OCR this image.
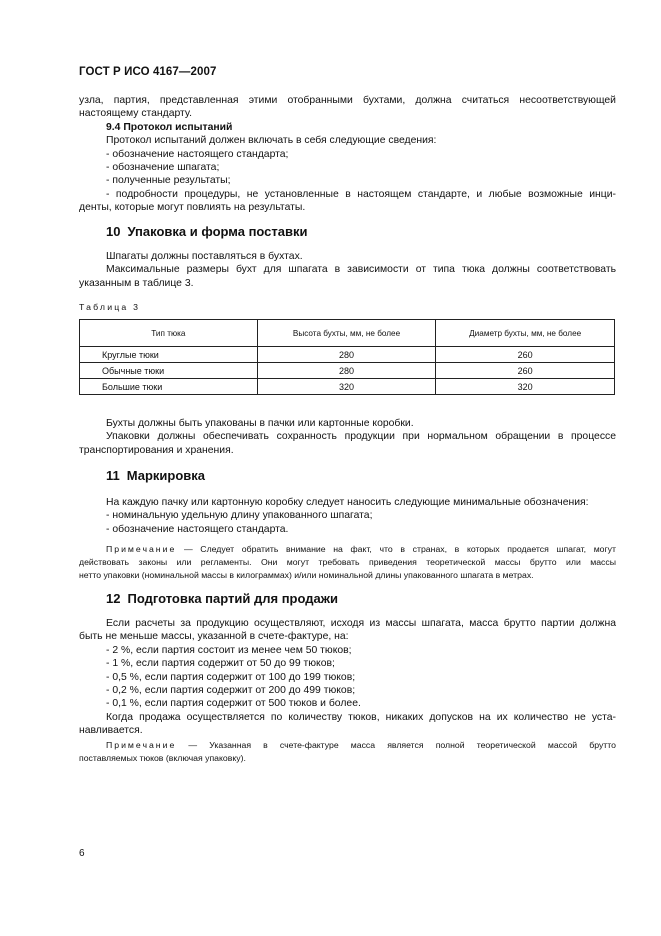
ГОСТ Р ИСО 4167—2007
узла, партия, представленная этими отобранными бухтами, должна считаться несоответствующей
настоящему стандарту.
9.4 Протокол испытаний
Протокол испытаний должен включать в себя следующие сведения:
- обозначение настоящего стандарта;
- обозначение шпагата;
- полученные результаты;
- подробности процедуры, не установленные в настоящем стандарте, и любые возможные инци-
денты, которые могут повлиять на результаты.
10 Упаковка и форма поставки
Шпагаты должны поставляться в бухтах.
Максимальные размеры бухт для шпагата в зависимости от типа тюка должны соответствовать
указанным в таблице 3.
Таблица 3
Тип тюка	Высота бухты, мм, не более	Диаметр бухты, мм, не более
Круглые тюки	280	260
Обычные тюки	280	260
Большие тюки	320	320
Бухты должны быть упакованы в пачки или картонные коробки.
Упаковки должны обеспечивать сохранность продукции при нормальном обращении в процессе
транспортирования и хранения.
11 Маркировка
На каждую пачку или картонную коробку следует наносить следующие минимальные обозначения:
- номинальную удельную длину упакованного шпагата;
- обозначение настоящего стандарта.
Примечание — Следует обратить внимание на факт, что в странах, в которых продается шпагат, могут
действовать законы или регламенты. Они могут требовать приведения теоретической массы брутто или массы
нетто упаковки (номинальной массы в килограммах) и/или номинальной длины упакованного шпагата в метрах.
12 Подготовка партий для продажи
Если расчеты за продукцию осуществляют, исходя из массы шпагата, масса брутто партии должна
быть не меньше массы, указанной в счете-фактуре, на:
- 2 %, если партия состоит из менее чем 50 тюков;
- 1 %, если партия содержит от 50 до 99 тюков;
- 0,5 %, если партия содержит от 100 до 199 тюков;
- 0,2 %, если партия содержит от 200 до 499 тюков;
- 0,1 %, если партия содержит от 500 тюков и более.
Когда продажа осуществляется по количеству тюков, никаких допусков на их количество не уста-
навливается.
Примечание — Указанная в счете-фактуре масса является полной теоретической массой брутто
поставляемых тюков (включая упаковку).
6
